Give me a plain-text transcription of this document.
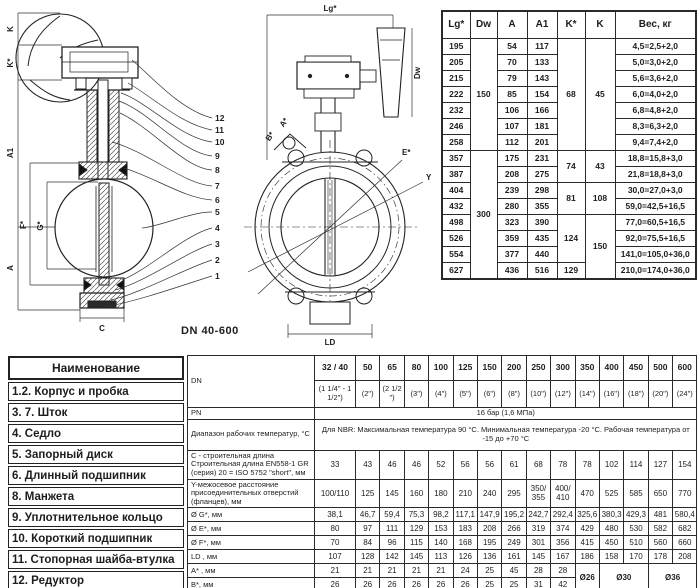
K
K*
A1
F* G*
A
C
12
11
10
9
8
7
6
5
4
3
2
1
Lg*
Dw
A*
B*
E*
Y
LD
DN 40-600
Lg*	Dw	A	A1	K*	K	Вес, кг
195	150	54	117	68	45	4,5=2,5+2,0
205		70	133			5,0=3,0+2,0
215		79	143			5,6=3,6+2,0
222		85	154			6,0=4,0+2,0
232		106	166			6,8=4,8+2,0
246		107	181			8,3=6,3+2,0
258		112	201			9,4=7,4+2,0
357	300	175	231	74	43	18,8=15,8+3,0
387		208	275			21,8=18,8+3,0
404		239	298	81	108	30,0=27,0+3,0
432		280	355			59,0=42,5+16,5
498		323	390	124	150	77,0=60,5+16,5
526		359	435			92,0=75,5+16,5
554		377	440			141,0=105,0+36,0
627		436	516	129		210,0=174,0+36,0
Наименование
1.2. Корпус и пробка
3. 7. Шток
4. Седло
5. Запорный диск
6. Длинный подшипник
8. Манжета
9. Уплотнительное кольцо
10. Короткий подшипник
11. Стопорная шайба-втулка
12. Редуктор
DN	32 / 40	50	65	80	100	125	150	200	250	300	350	400	450	500	600
	(1 1/4" - 1 1/2")	(2")	(2 1/2 ")	(3")	(4")	(5")	(6")	(8")	(10")	(12")	(14")	(16")	(18")	(20")	(24")
PN	16 бар (1,6 МПа)														
Диапазон рабочих температур, °C	Для NBR: Максимальная температура 90 °C. Минимальная температура -20 °C. Рабочая температура от -15 до +70 °C														
С - строительная длина Строительная длина EN558-1 GR (серия) 20 = ISO 5752 "short", мм	33	43	46	46	52	56	56	61	68	78	78	102	114	127	154
Y-межосевое расстояние присоединительных отверстий (фланцев), мм	100/110	125	145	160	180	210	240	295	350/ 355	400/ 410	470	525	585	650	770
Ø G*, мм	38,1	46,7	59,4	75,3	98,2	117,1	147,9	195,2	242,7	292,4	325,6	380,3	429,3	481	580,4
Ø E*, мм	80	97	111	129	153	183	208	266	319	374	429	480	530	582	682
Ø F*, мм	70	84	96	115	140	168	195	249	301	356	415	450	510	560	660
LD , мм	107	128	142	145	113	126	136	161	145	167	186	158	170	178	208
A* , мм	21	21	21	21	21	24	25	45	28	28	Ø26	Ø30		Ø36	
B*, мм	26	26	26	26	26	26	25	25	31	42					
